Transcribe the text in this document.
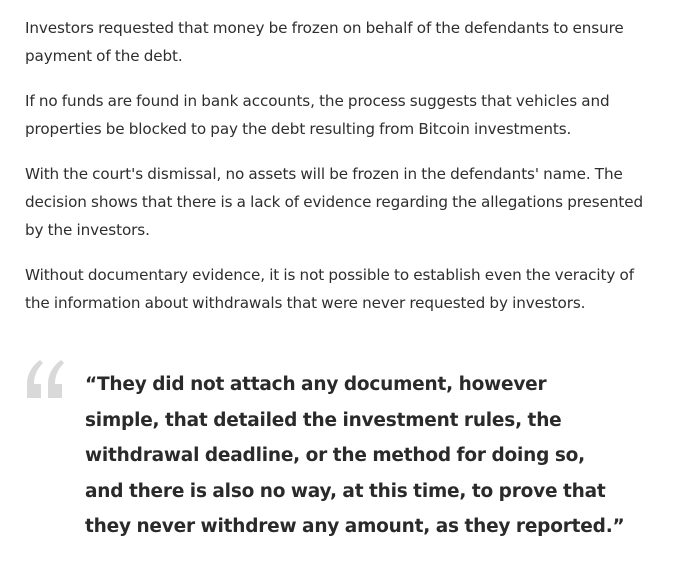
Investors requested that money be frozen on behalf of the defendants to ensure payment of the debt.

If no funds are found in bank accounts, the process suggests that vehicles and properties be blocked to pay the debt resulting from Bitcoin investments.

With the court's dismissal, no assets will be frozen in the defendants' name. The decision shows that there is a lack of evidence regarding the allegations presented by the investors.

Without documentary evidence, it is not possible to establish even the veracity of the information about withdrawals that were never requested by investors.

“They did not attach any document, however simple, that detailed the investment rules, the withdrawal deadline, or the method for doing so, and there is also no way, at this time, to prove that they never withdrew any amount, as they reported.”
